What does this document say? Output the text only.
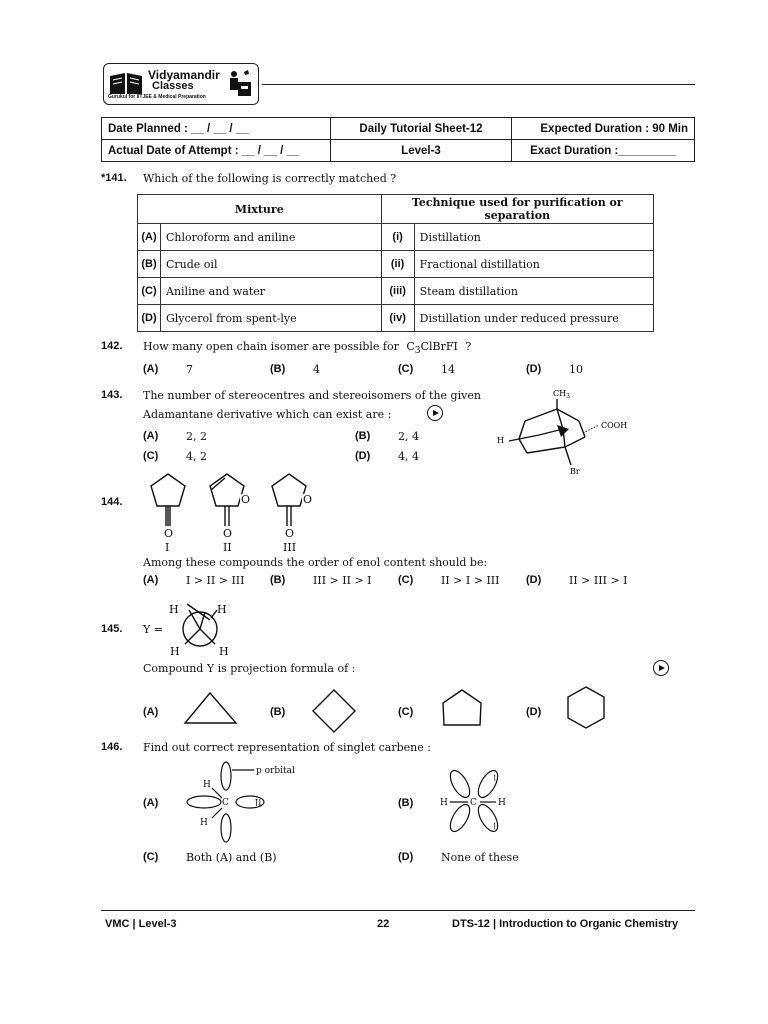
Vidyamandir
Classes
Gurukul for IITJEE & Medical Preparation
Date Planned : __ / __ / __	Daily Tutorial Sheet-12	Expected Duration : 90 Min
Actual Date of Attempt : __ / __ / __	Level-3	Exact Duration :_________
*141. Which of the following is correctly matched ?
Mixture		Technique used for purification or separation	
(A)	Chloroform and aniline	(i)	Distillation
(B)	Crude oil	(ii)	Fractional distillation
(C)	Aniline and water	(iii)	Steam distillation
(D)	Glycerol from spent-lye	(iv)	Distillation under reduced pressure
142. How many open chain isomer are possible for $C_3ClBrFI$ ?
(A)	7	(B)	4	(C)	14	(D)	10
143. The number of stereocentres and stereoisomers of the given
Adamantane derivative which can exist are :
(A)	2, 2	(B)	2, 4
(C)	4, 2	(D)	4, 4
$CH_3$
COOH
H
Br
144.
O	O	O
O	O
I	II	III
Among these compounds the order of enol content should be:
(A)	I > II > III (B)	III > II > I (C)	II > I > III (D)	II > III > I
145. Y =
H	H
H	H
Compound Y is projection formula of :
(A)	(B)	(C)	(D)
146. Find out correct representation of singlet carbene :
(A)
p orbital
H
H
C	⇅	(B)	H C H
↿
↿
(C)	Both (A) and (B)	(D)	None of these
VMC | Level-3	22	DTS-12 | Introduction to Organic Chemistry
